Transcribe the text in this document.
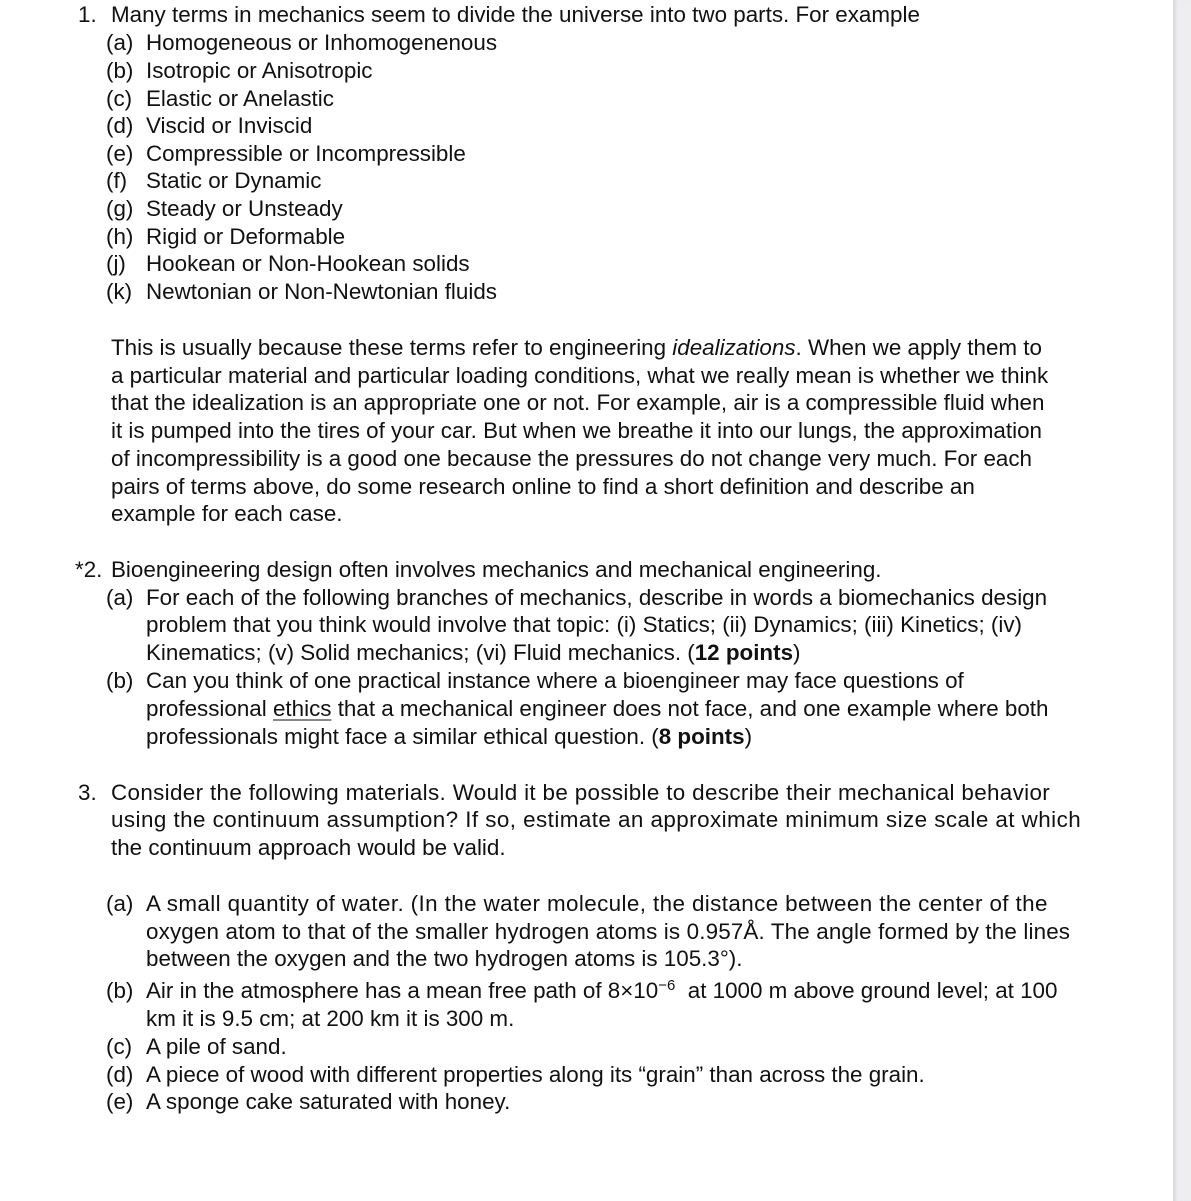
1. Many terms in mechanics seem to divide the universe into two parts. For example
(a) Homogeneous or Inhomogenenous
(b) Isotropic or Anisotropic
(c) Elastic or Anelastic
(d) Viscid or Inviscid
(e) Compressible or Incompressible
(f) Static or Dynamic
(g) Steady or Unsteady
(h) Rigid or Deformable
(j) Hookean or Non-Hookean solids
(k) Newtonian or Non-Newtonian fluids
This is usually because these terms refer to engineering idealizations. When we apply them to
a particular material and particular loading conditions, what we really mean is whether we think
that the idealization is an appropriate one or not. For example, air is a compressible fluid when
it is pumped into the tires of your car. But when we breathe it into our lungs, the approximation
of incompressibility is a good one because the pressures do not change very much. For each
pairs of terms above, do some research online to find a short definition and describe an
example for each case.
*2. Bioengineering design often involves mechanics and mechanical engineering.
(a) For each of the following branches of mechanics, describe in words a biomechanics design
problem that you think would involve that topic: (i) Statics; (ii) Dynamics; (iii) Kinetics; (iv)
Kinematics; (v) Solid mechanics; (vi) Fluid mechanics. (12 points)
(b) Can you think of one practical instance where a bioengineer may face questions of
professional ethics that a mechanical engineer does not face, and one example where both
professionals might face a similar ethical question. (8 points)
3. Consider the following materials. Would it be possible to describe their mechanical behavior
using the continuum assumption? If so, estimate an approximate minimum size scale at which
the continuum approach would be valid.
(a) A small quantity of water. (In the water molecule, the distance between the center of the
oxygen atom to that of the smaller hydrogen atoms is 0.957Å. The angle formed by the lines
between the oxygen and the two hydrogen atoms is 105.3°).
(b) Air in the atmosphere has a mean free path of $8\times 10^{-6}$  at 1000 m above ground level; at 100
km it is 9.5 cm; at 200 km it is 300 m.
(c) A pile of sand.
(d) A piece of wood with different properties along its “grain” than across the grain.
(e) A sponge cake saturated with honey.
